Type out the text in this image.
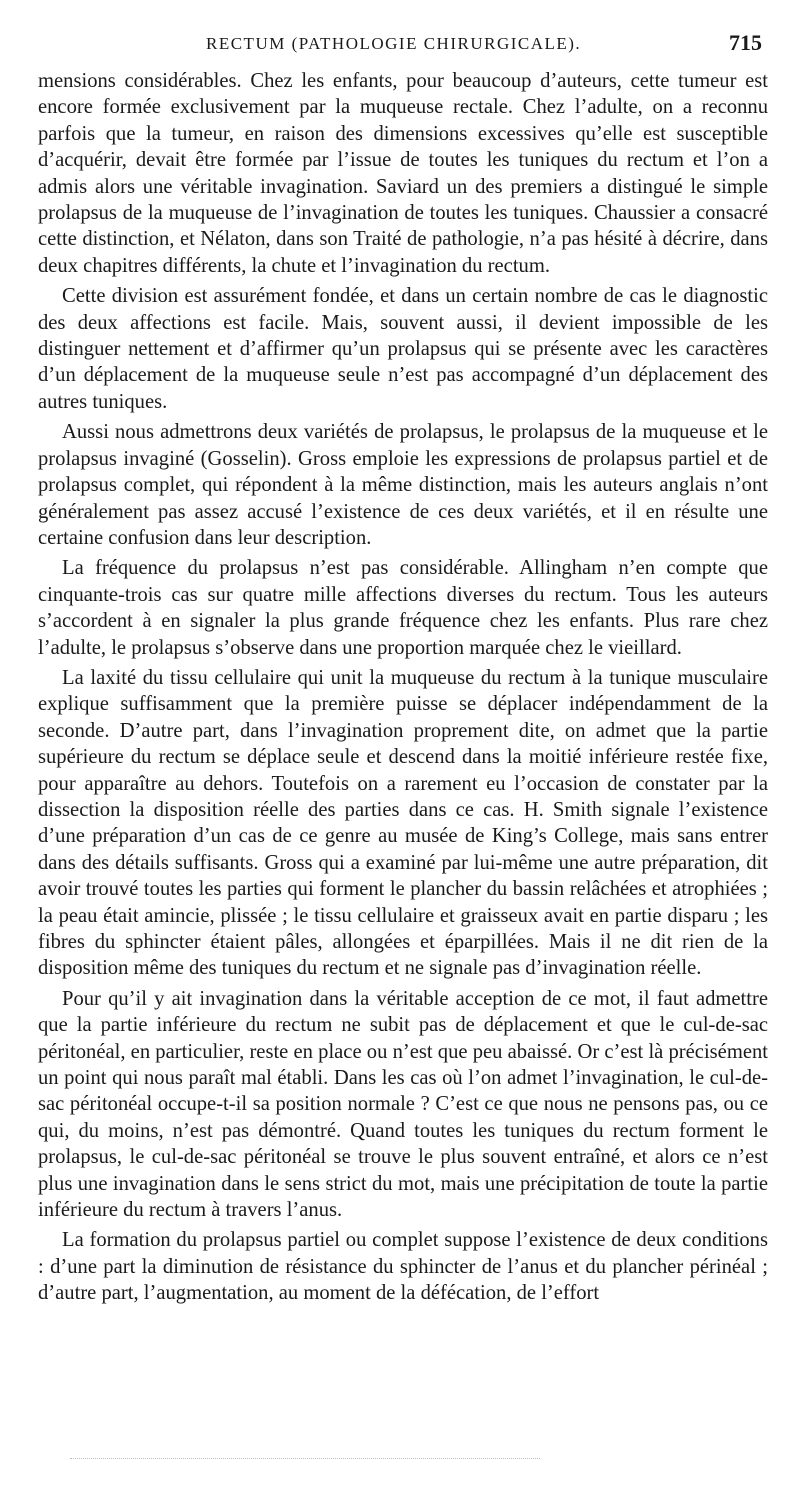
RECTUM (PATHOLOGIE CHIRURGICALE).	715

mensions considérables. Chez les enfants, pour beaucoup d’auteurs, cette tumeur est encore formée exclusivement par la muqueuse rectale. Chez l’adulte, on a reconnu parfois que la tumeur, en raison des dimensions excessives qu’elle est susceptible d’acquérir, devait être formée par l’issue de toutes les tuniques du rectum et l’on a admis alors une véritable invagination. Saviard un des premiers a distingué le simple prolapsus de la muqueuse de l’invagination de toutes les tuniques. Chaussier a consacré cette distinction, et Nélaton, dans son Traité de pathologie, n’a pas hésité à décrire, dans deux chapitres différents, la chute et l’invagination du rectum.

Cette division est assurément fondée, et dans un certain nombre de cas le diagnostic des deux affections est facile. Mais, souvent aussi, il devient impossible de les distinguer nettement et d’affirmer qu’un prolapsus qui se présente avec les caractères d’un déplacement de la muqueuse seule n’est pas accompagné d’un déplacement des autres tuniques.

Aussi nous admettrons deux variétés de prolapsus, le prolapsus de la muqueuse et le prolapsus invaginé (Gosselin). Gross emploie les expressions de prolapsus partiel et de prolapsus complet, qui répondent à la même distinction, mais les auteurs anglais n’ont généralement pas assez accusé l’existence de ces deux variétés, et il en résulte une certaine confusion dans leur description.

La fréquence du prolapsus n’est pas considérable. Allingham n’en compte que cinquante-trois cas sur quatre mille affections diverses du rectum. Tous les auteurs s’accordent à en signaler la plus grande fréquence chez les enfants. Plus rare chez l’adulte, le prolapsus s’observe dans une proportion marquée chez le vieillard.

La laxité du tissu cellulaire qui unit la muqueuse du rectum à la tunique musculaire explique suffisamment que la première puisse se déplacer indépendamment de la seconde. D’autre part, dans l’invagination proprement dite, on admet que la partie supérieure du rectum se déplace seule et descend dans la moitié inférieure restée fixe, pour apparaître au dehors. Toutefois on a rarement eu l’occasion de constater par la dissection la disposition réelle des parties dans ce cas. H. Smith signale l’existence d’une préparation d’un cas de ce genre au musée de King’s College, mais sans entrer dans des détails suffisants. Gross qui a examiné par lui-même une autre préparation, dit avoir trouvé toutes les parties qui forment le plancher du bassin relâchées et atrophiées ; la peau était amincie, plissée ; le tissu cellulaire et graisseux avait en partie disparu ; les fibres du sphincter étaient pâles, allongées et éparpillées. Mais il ne dit rien de la disposition même des tuniques du rectum et ne signale pas d’invagination réelle.

Pour qu’il y ait invagination dans la véritable acception de ce mot, il faut admettre que la partie inférieure du rectum ne subit pas de déplacement et que le cul-de-sac péritonéal, en particulier, reste en place ou n’est que peu abaissé. Or c’est là précisément un point qui nous paraît mal établi. Dans les cas où l’on admet l’invagination, le cul-de-sac péritonéal occupe-t-il sa position normale ? C’est ce que nous ne pensons pas, ou ce qui, du moins, n’est pas démontré. Quand toutes les tuniques du rectum forment le prolapsus, le cul-de-sac péritonéal se trouve le plus souvent entraîné, et alors ce n’est plus une invagination dans le sens strict du mot, mais une précipitation de toute la partie inférieure du rectum à travers l’anus.

La formation du prolapsus partiel ou complet suppose l’existence de deux conditions : d’une part la diminution de résistance du sphincter de l’anus et du plancher périnéal ; d’autre part, l’augmentation, au moment de la défécation, de l’effort
